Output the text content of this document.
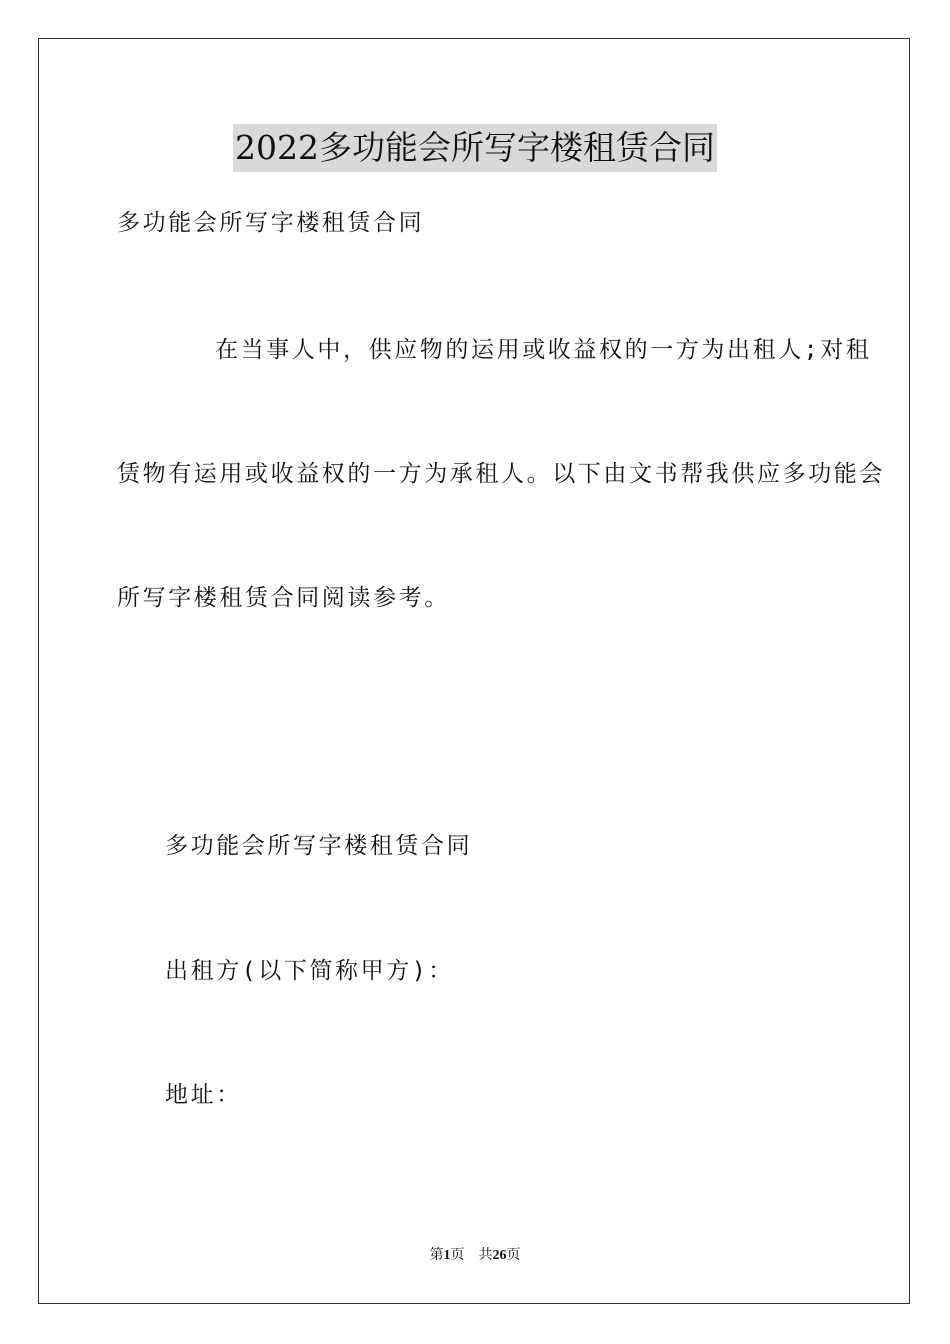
2022多功能会所写字楼租赁合同
多功能会所写字楼租赁合同
在当事人中，供应物的运用或收益权的一方为出租人;对租
赁物有运用或收益权的一方为承租人。以下由文书帮我供应多功能会
所写字楼租赁合同阅读参考。
多功能会所写字楼租赁合同
出租方(以下简称甲方)：
地址：
第1页 共26页
